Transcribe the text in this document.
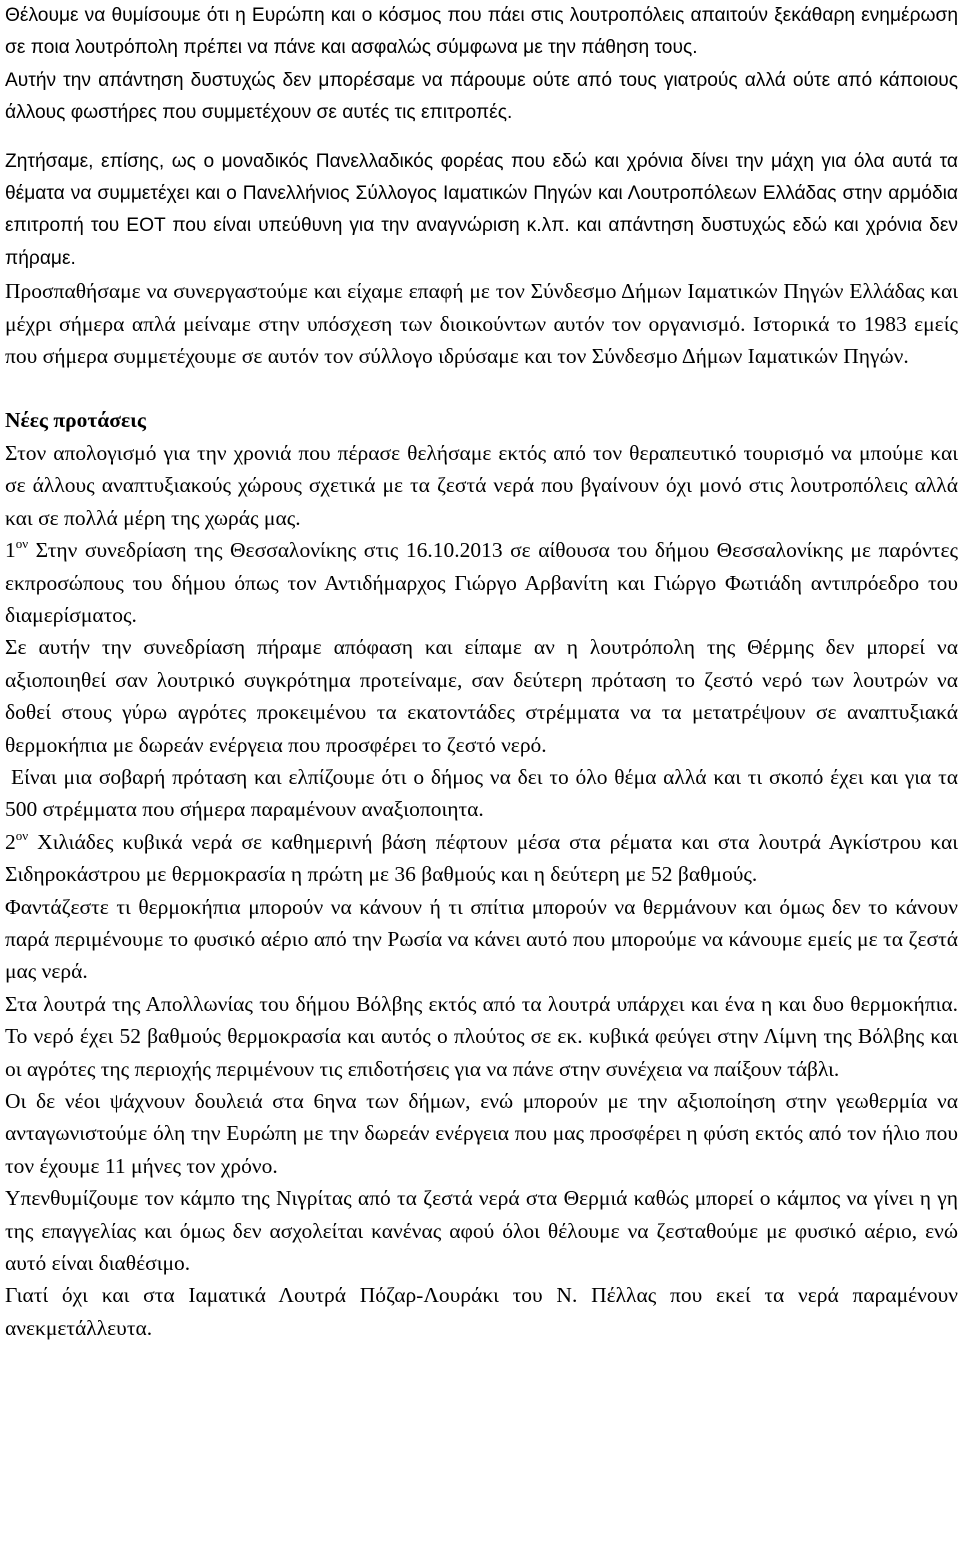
Θέλουμε να θυμίσουμε ότι η Ευρώπη και ο κόσμος που πάει στις λουτροπόλεις απαιτούν ξεκάθαρη ενημέρωση σε ποια λουτρόπολη πρέπει να πάνε και ασφαλώς σύμφωνα με την πάθηση τους.

Αυτήν την απάντηση δυστυχώς δεν μπορέσαμε να πάρουμε ούτε από τους γιατρούς αλλά ούτε από κάποιους άλλους φωστήρες που συμμετέχουν σε αυτές τις επιτροπές.

Ζητήσαμε, επίσης, ως ο μοναδικός Πανελλαδικός φορέας που εδώ και χρόνια δίνει την μάχη για όλα αυτά τα θέματα να συμμετέχει και ο Πανελλήνιος Σύλλογος Ιαματικών Πηγών και Λουτροπόλεων Ελλάδας στην αρμόδια επιτροπή του ΕΟΤ που είναι υπεύθυνη για την αναγνώριση κ.λπ. και απάντηση δυστυχώς εδώ και χρόνια δεν πήραμε.

Προσπαθήσαμε να συνεργαστούμε και είχαμε επαφή με τον Σύνδεσμο Δήμων Ιαματικών Πηγών Ελλάδας και μέχρι σήμερα απλά μείναμε στην υπόσχεση των διοικούντων αυτόν τον οργανισμό. Ιστορικά το 1983 εμείς που σήμερα συμμετέχουμε σε αυτόν τον σύλλογο ιδρύσαμε και τον Σύνδεσμο Δήμων Ιαματικών Πηγών.

Νέες προτάσεις

Στον απολογισμό για την χρονιά που πέρασε θελήσαμε εκτός από τον θεραπευτικό τουρισμό να μπούμε και σε άλλους αναπτυξιακούς χώρους σχετικά με τα ζεστά νερά που βγαίνουν όχι μονό στις λουτροπόλεις αλλά και σε πολλά μέρη της χωράς μας.

$1^{o\nu}$ Στην συνεδρίαση της Θεσσαλονίκης στις 16.10.2013 σε αίθουσα του δήμου Θεσσαλονίκης με παρόντες εκπροσώπους του δήμου όπως τον Αντιδήμαρχος Γιώργο Αρβανίτη και Γιώργο Φωτιάδη αντιπρόεδρο του διαμερίσματος.

Σε αυτήν την συνεδρίαση πήραμε απόφαση και είπαμε αν η λουτρόπολη της Θέρμης δεν μπορεί να αξιοποιηθεί σαν λουτρικό συγκρότημα προτείναμε, σαν δεύτερη πρόταση το ζεστό νερό των λουτρών να δοθεί στους γύρω αγρότες προκειμένου τα εκατοντάδες στρέμματα να τα μετατρέψουν σε αναπτυξιακά θερμοκήπια με δωρεάν ενέργεια που προσφέρει το ζεστό νερό.

Είναι μια σοβαρή πρόταση και ελπίζουμε ότι ο δήμος να δει το όλο θέμα αλλά και τι σκοπό έχει και για τα 500 στρέμματα που σήμερα παραμένουν αναξιοποιητα.

$2^{o\nu}$ Χιλιάδες κυβικά νερά σε καθημερινή βάση πέφτουν μέσα στα ρέματα και στα λουτρά Αγκίστρου και Σιδηροκάστρου με θερμοκρασία η πρώτη με 36 βαθμούς και η δεύτερη με 52 βαθμούς.

Φαντάζεστε τι θερμοκήπια μπορούν να κάνουν ή τι σπίτια μπορούν να θερμάνουν και όμως δεν το κάνουν παρά περιμένουμε το φυσικό αέριο από την Ρωσία να κάνει αυτό που μπορούμε να κάνουμε εμείς με τα ζεστά μας νερά.

Στα λουτρά της Απολλωνίας του δήμου Βόλβης εκτός από τα λουτρά υπάρχει και ένα η και δυο θερμοκήπια. Το νερό έχει 52 βαθμούς θερμοκρασία και αυτός ο πλούτος σε εκ. κυβικά φεύγει στην Λίμνη της Βόλβης και οι αγρότες της περιοχής περιμένουν τις επιδοτήσεις για να πάνε στην συνέχεια να παίξουν τάβλι.

Οι δε νέοι ψάχνουν δουλειά στα 6ηνα των δήμων, ενώ μπορούν με την αξιοποίηση στην γεωθερμία να ανταγωνιστούμε όλη την Ευρώπη με την δωρεάν ενέργεια που μας προσφέρει η φύση εκτός από τον ήλιο που τον έχουμε 11 μήνες τον χρόνο.

Υπενθυμίζουμε τον κάμπο της Νιγρίτας από τα ζεστά νερά στα Θερμιά καθώς μπορεί ο κάμπος να γίνει η γη της επαγγελίας και όμως δεν ασχολείται κανένας αφού όλοι θέλουμε να ζεσταθούμε με φυσικό αέριο, ενώ αυτό είναι διαθέσιμο.

Γιατί όχι και στα Ιαματικά Λουτρά Πόζαρ-Λουράκι του Ν. Πέλλας που εκεί τα νερά παραμένουν ανεκμετάλλευτα.
